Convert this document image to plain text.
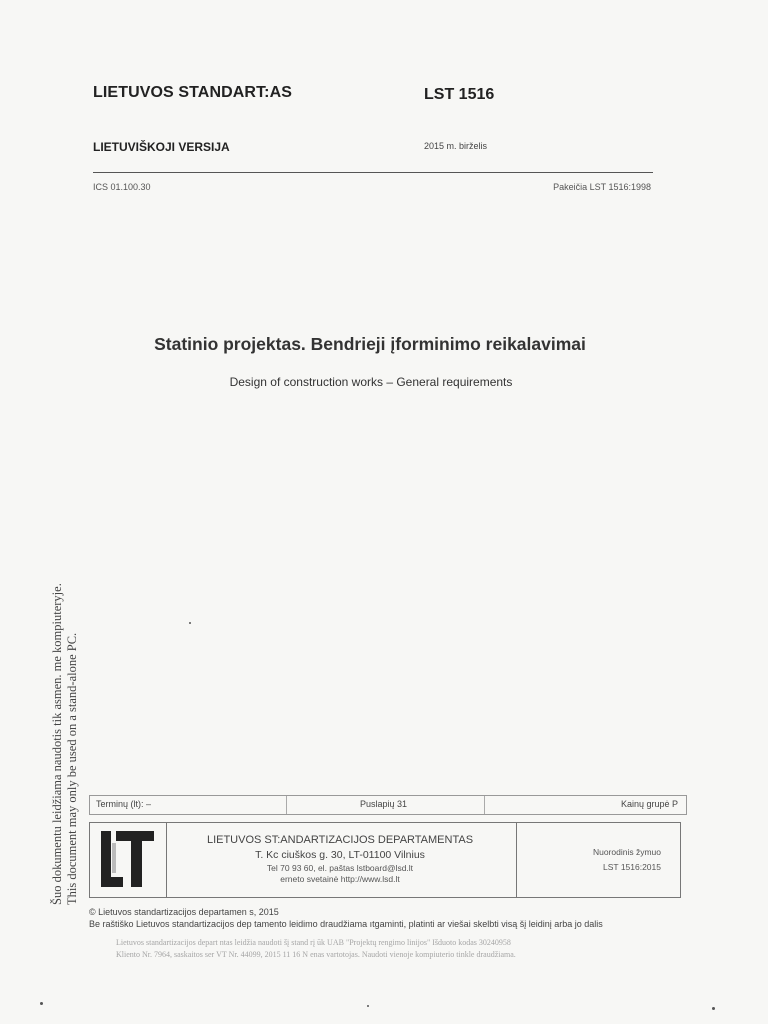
LIETUVOS STANDART:AS	LST 1516
LIETUVIŠKOJI VERSIJA	2015 m. birželis
ICS 01.100.30	Pakeičia LST 1516:1998
Statinio projektas. Bendrieji įforminimo reikalavimai
Design of construction works – General requirements
Šuo dokumentu leidžiama naudotis tik asmen. me kompiuteryje. This document may only be used on a stand-alone PC. Terminų (lt): –	Puslapių 31	Kainų grupė P
LIETUVOS ST:ANDARTIZACIJOS DEPARTAMENTAS
T. Kc ciuškos g. 30, LT-01100 Vilnius
Tel 70 93 60, el. paštas lstboard@lsd.lt
ernetо svetainė http://www.lsd.lt
Nuorodinis žymuo
LST 1516:2015
© Lietuvos standartizacijos departamen s, 2015
Be raštiško Lietuvos standartizacijos dep tamento leidimo draudžiama ıtgaminti, platinti ar viešai skelbti visą šį leidinį arba jo dalis
Lietuvos standartizacijos depart ntas leidžia naudoti šį stand rį ūk UAB "Projektų rengimo linijos" Išduoto kodas 30240958
Kliento Nr. 7964, saskaitos ser VT Nr. 44099, 2015 11 16 N enas vartotojas. Naudoti vienoje kompiuterio tinkle draudžiama.
